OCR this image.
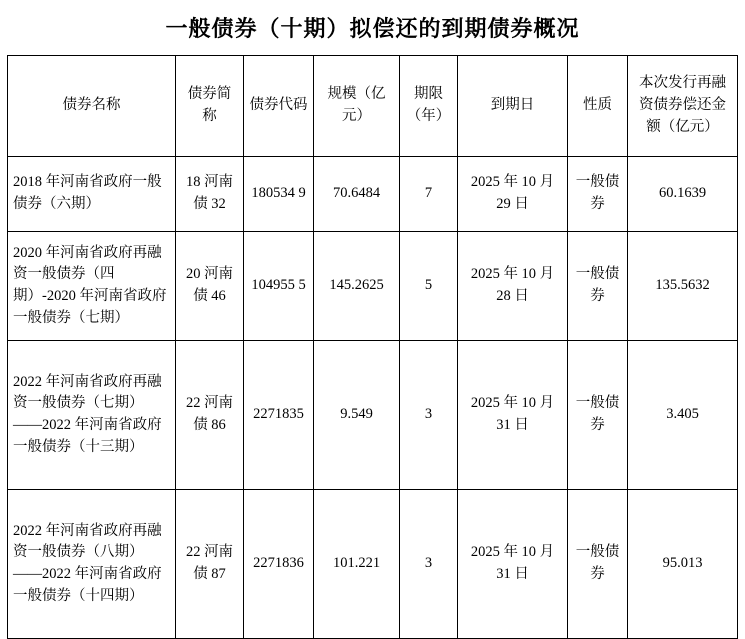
一般债券（十期）拟偿还的到期债券概况
债券名称	债券简称	债券代码	规模（亿元）	期限（年）	到期日	性质	本次发行再融资债券偿还金额（亿元）
2018 年河南省政府一般债券（六期）	18 河南债 32	180534 9	70.6484	7	2025 年 10 月 29 日	一般债券	60.1639
2020 年河南省政府再融资一般债券（四期）-2020 年河南省政府一般债券（七期）	20 河南债 46	104955 5	145.2625	5	2025 年 10 月 28 日	一般债券	135.5632
2022 年河南省政府再融资一般债券（七期）——2022 年河南省政府一般债券（十三期）	22 河南债 86	2271835	9.549	3	2025 年 10 月 31 日	一般债券	3.405
2022 年河南省政府再融资一般债券（八期）——2022 年河南省政府一般债券（十四期）	22 河南债 87	2271836	101.221	3	2025 年 10 月 31 日	一般债券	95.013
